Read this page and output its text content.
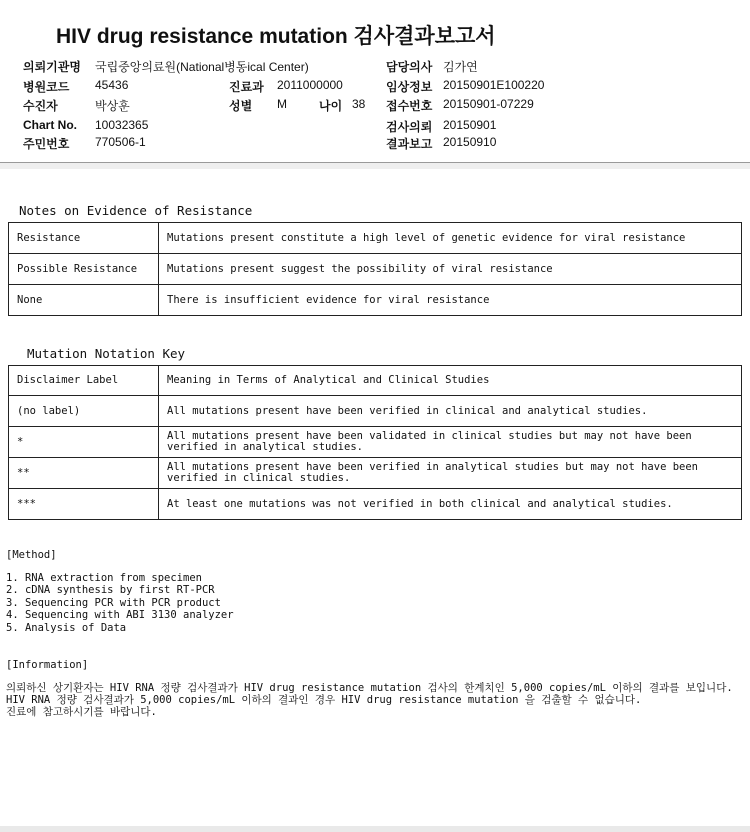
HIV drug resistance mutation 검사결과보고서
의뢰기관명 국립중앙의료원(National병동ical Center)
병원코드 45436	진료과 2011000000
수진자	박상훈	성별 M	나이 38
Chart No. 10032365
주민번호 770506-1
담당의사 김가연
임상정보 20150901E100220
접수번호 20150901-07229
검사의뢰 20150901
결과보고 20150910
Notes on Evidence of Resistance
Resistance	Mutations present constitute a high level of genetic evidence for viral resistance
Possible Resistance	Mutations present suggest the possibility of viral resistance
None	There is insufficient evidence for viral resistance
Mutation Notation Key
Disclaimer Label	Meaning in Terms of Analytical and Clinical Studies
(no label)	All mutations present have been verified in clinical and analytical studies.
*	All mutations present have been validated in clinical studies but may not have been verified in analytical studies.
**	All mutations present have been verified in analytical studies but may not have been verified in clinical studies.
***	At least one mutations was not verified in both clinical and analytical studies.
[Method]
1. RNA extraction from specimen
2. cDNA synthesis by first RT-PCR
3. Sequencing PCR with PCR product
4. Sequencing with ABI 3130 analyzer
5. Analysis of Data
[Information]
의뢰하신 상기환자는 HIV RNA 정량 검사결과가 HIV drug resistance mutation 검사의 한계치인 5,000 copies/mL 이하의 결과를 보입니다.
HIV RNA 정량 검사결과가 5,000 copies/mL 이하의 결과인 경우 HIV drug resistance mutation 을 검출할 수 없습니다.
진료에 참고하시기를 바랍니다.
